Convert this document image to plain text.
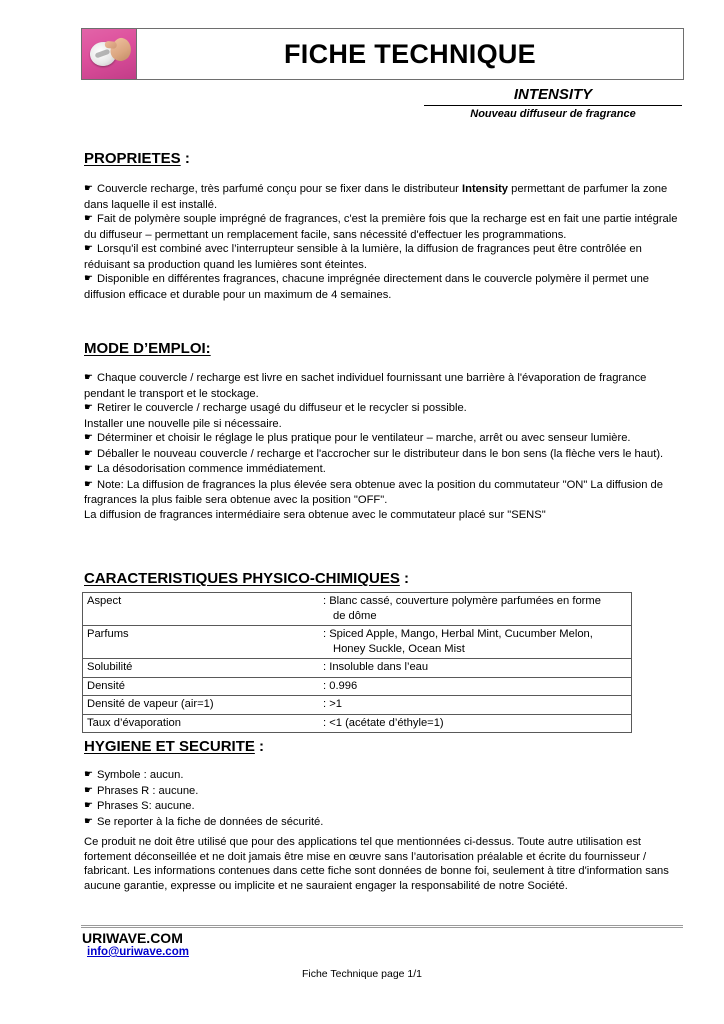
FICHE TECHNIQUE
INTENSITY
Nouveau diffuseur de fragrance
PROPRIETES :

☛ Couvercle recharge, très parfumé conçu pour se fixer dans le distributeur Intensity permettant de parfumer la zone dans laquelle il est installé.

☛ Fait de polymère souple imprégné de fragrances, c'est la première fois que la recharge est en fait une partie intégrale du diffuseur – permettant un remplacement facile, sans nécessité d'effectuer les programmations.

☛ Lorsqu'il est combiné avec l’interrupteur sensible à la lumière, la diffusion de fragrances peut être contrôlée en réduisant sa production quand les lumières sont éteintes.

☛ Disponible en différentes fragrances, chacune imprégnée directement dans le couvercle polymère il permet une diffusion efficace et durable pour un maximum de 4 semaines.

MODE D’EMPLOI:

☛ Chaque couvercle / recharge est livre en sachet individuel fournissant une barrière à l'évaporation de fragrance pendant le transport et le stockage.

☛ Retirer le couvercle / recharge usagé du diffuseur et le recycler si possible.

Installer une nouvelle pile si nécessaire.

☛ Déterminer et choisir le réglage le plus pratique pour le ventilateur – marche, arrêt ou avec senseur lumière.

☛ Déballer le nouveau couvercle / recharge et l'accrocher sur le distributeur dans le bon sens (la flèche vers le haut).

☛ La désodorisation commence immédiatement.

☛ Note: La diffusion de fragrances la plus élevée sera obtenue avec la position du commutateur "ON" La diffusion de fragrances la plus faible sera obtenue avec la position "OFF".

La diffusion de fragrances intermédiaire sera obtenue avec le commutateur placé sur "SENS"

CARACTERISTIQUES PHYSICO-CHIMIQUES :
Aspect	: Blanc cassé, couverture polymère parfumées en forme
de dôme

Parfums	: Spiced Apple, Mango, Herbal Mint, Cucumber Melon,
Honey Suckle, Ocean Mist

Solubilité	: Insoluble dans l’eau

Densité	: 0.996

Densité de vapeur (air=1)	: >1

Taux d’évaporation	: <1 (acétate d’éthyle=1)
HYGIENE ET SECURITE :

☛ Symbole : aucun.

☛ Phrases R : aucune.

☛ Phrases S: aucune.

☛ Se reporter à la fiche de données de sécurité.

Ce produit ne doit être utilisé que pour des applications tel que mentionnées ci-dessus. Toute autre utilisation est fortement déconseillée et ne doit jamais être mise en œuvre sans l’autorisation préalable et écrite du fournisseur / fabricant. Les informations contenues dans cette fiche sont données de bonne foi, seulement à titre d'information sans aucune garantie, expresse ou implicite et ne sauraient engager la responsabilité de notre Société.
URIWAVE.COM
info@uriwave.com
Fiche Technique page 1/1
